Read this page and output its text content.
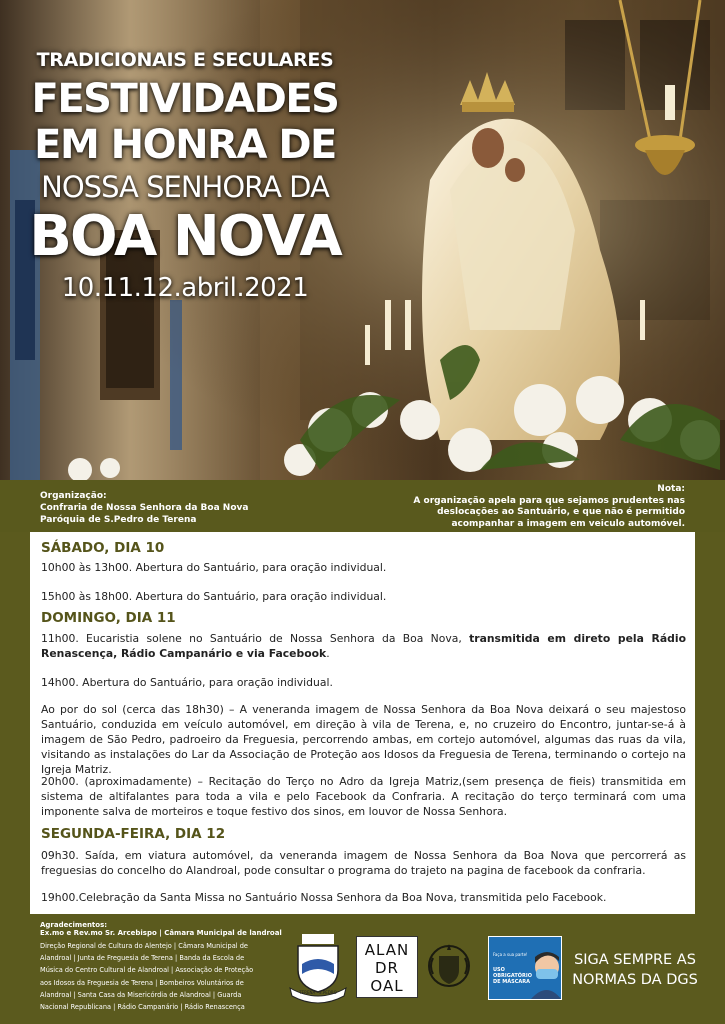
TRADICIONAIS E SECULARES
FESTIVIDADES
EM HONRA DE
NOSSA SENHORA DA
BOA NOVA
10.11.12.abril.2021
Organização:
Confraria de Nossa Senhora da Boa Nova
Paróquia de S.Pedro de Terena
Nota:
A organização apela para que sejamos prudentes nas
deslocações ao Santuário, e que não é permitido
acompanhar a imagem em veiculo automóvel.
SÁBADO, DIA 10
10h00 às 13h00. Abertura do Santuário, para oração individual.
15h00 às 18h00. Abertura do Santuário, para oração individual.
DOMINGO, DIA 11
11h00. Eucaristia solene no Santuário de Nossa Senhora da Boa Nova, transmitida em direto pela Rádio Renascença, Rádio Campanário e via Facebook.
14h00. Abertura do Santuário, para oração individual.
Ao por do sol (cerca das 18h30) – A veneranda imagem de Nossa Senhora da Boa Nova deixará o seu majestoso Santuário, conduzida em veículo automóvel, em direção à vila de Terena, e, no cruzeiro do Encontro, juntar-se-á à imagem de São Pedro, padroeiro da Freguesia, percorrendo ambas, em cortejo automóvel, algumas das ruas da vila, visitando as instalações do Lar da Associação de Proteção aos Idosos da Freguesia de Terena, terminando o cortejo na Igreja Matriz.
20h00. (aproximadamente) – Recitação do Terço no Adro da Igreja Matriz,(sem presença de fieis) transmitida em sistema de altifalantes para toda a vila e pelo Facebook da Confraria. A recitação do terço terminará com uma imponente salva de morteiros e toque festivo dos sinos, em louvor de Nossa Senhora.
SEGUNDA-FEIRA, DIA 12
09h30. Saída, em viatura automóvel, da veneranda imagem de Nossa Senhora da Boa Nova que percorrerá as freguesias do concelho do Alandroal, pode consultar o programa do trajeto na pagina de facebook da confraria.
19h00.Celebração da Santa Missa no Santuário Nossa Senhora da Boa Nova, transmitida pelo Facebook.
Agradecimentos:
Ex.mo e Rev.mo Sr. Arcebispo | Câmara Municipal de landroal
Direção Regional de Cultura do Alentejo | Câmara Municipal de Alandroal | Junta de Freguesia de Terena | Banda da Escola de Música do Centro Cultural de Alandroal | Associação de Proteção aos Idosos da Freguesia de Terena | Bombeiros Voluntários de Alandroal | Santa Casa da Misericórdia de Alandroal | Guarda Nacional Republicana | Rádio Campanário | Rádio Renascença
TERENA · S.PEDRO
ALAN
DR
OAL
Faça a sua parte!
USO
OBRIGATÓRIO
DE MÁSCARA
SIGA SEMPRE AS
NORMAS DA DGS
